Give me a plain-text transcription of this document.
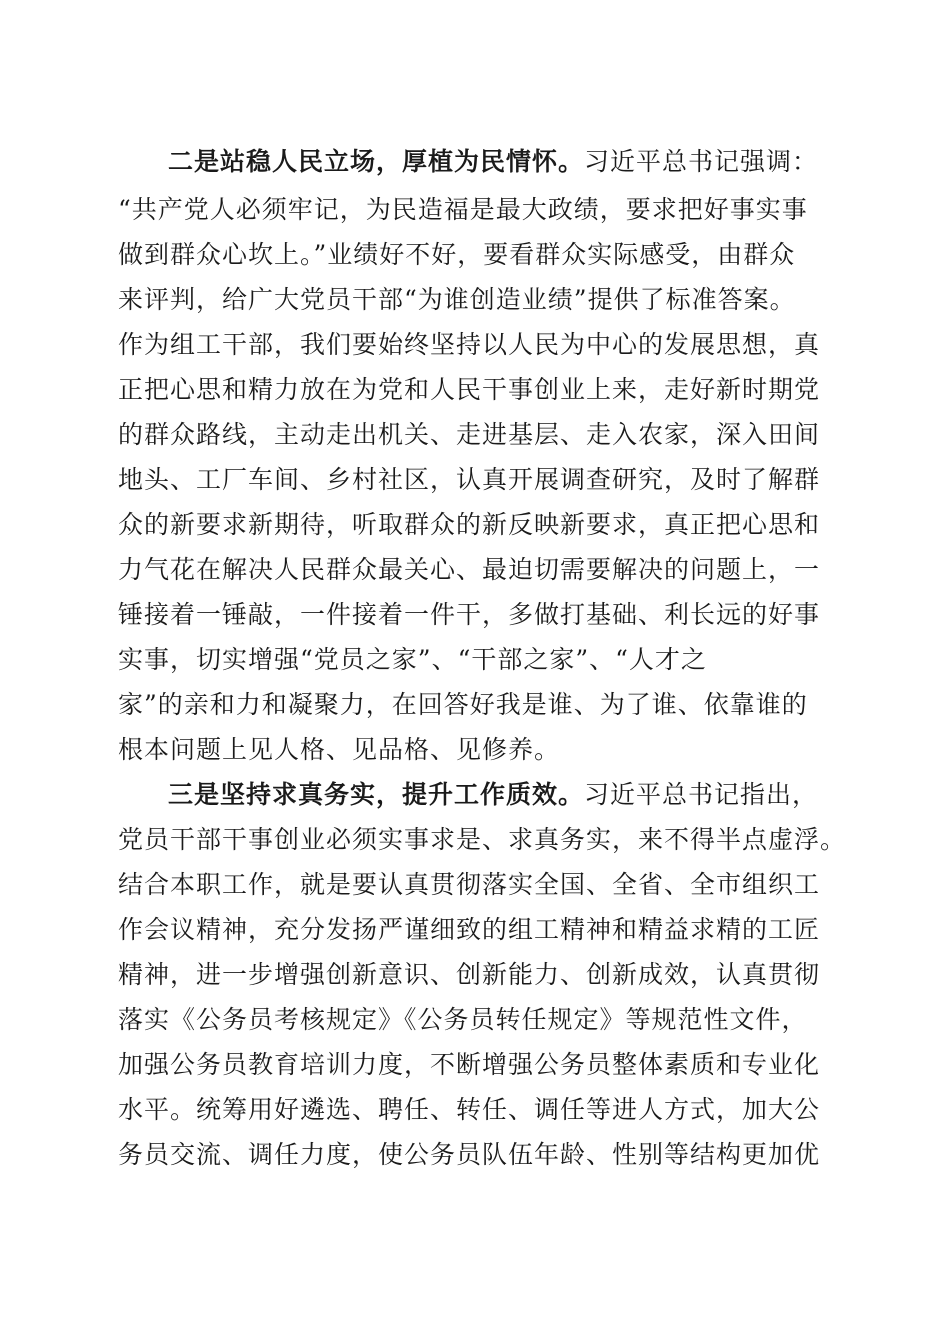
二是站稳人民立场，厚植为民情怀。习近平总书记强调：
“共产党人必须牢记，为民造福是最大政绩，要求把好事实事
做到群众心坎上。”业绩好不好，要看群众实际感受，由群众
来评判，给广大党员干部“为谁创造业绩”提供了标准答案。
作为组工干部，我们要始终坚持以人民为中心的发展思想，真
正把心思和精力放在为党和人民干事创业上来，走好新时期党
的群众路线，主动走出机关、走进基层、走入农家，深入田间
地头、工厂车间、乡村社区，认真开展调查研究，及时了解群
众的新要求新期待，听取群众的新反映新要求，真正把心思和
力气花在解决人民群众最关心、最迫切需要解决的问题上，一
锤接着一锤敲，一件接着一件干，多做打基础、利长远的好事
实事，切实增强“党员之家”、“干部之家”、“人才之
家”的亲和力和凝聚力，在回答好我是谁、为了谁、依靠谁的
根本问题上见人格、见品格、见修养。
三是坚持求真务实，提升工作质效。习近平总书记指出，
党员干部干事创业必须实事求是、求真务实，来不得半点虚浮。
结合本职工作，就是要认真贯彻落实全国、全省、全市组织工
作会议精神，充分发扬严谨细致的组工精神和精益求精的工匠
精神，进一步增强创新意识、创新能力、创新成效，认真贯彻
落实《公务员考核规定》《公务员转任规定》等规范性文件，
加强公务员教育培训力度，不断增强公务员整体素质和专业化
水平。统筹用好遴选、聘任、转任、调任等进人方式，加大公
务员交流、调任力度，使公务员队伍年龄、性别等结构更加优
